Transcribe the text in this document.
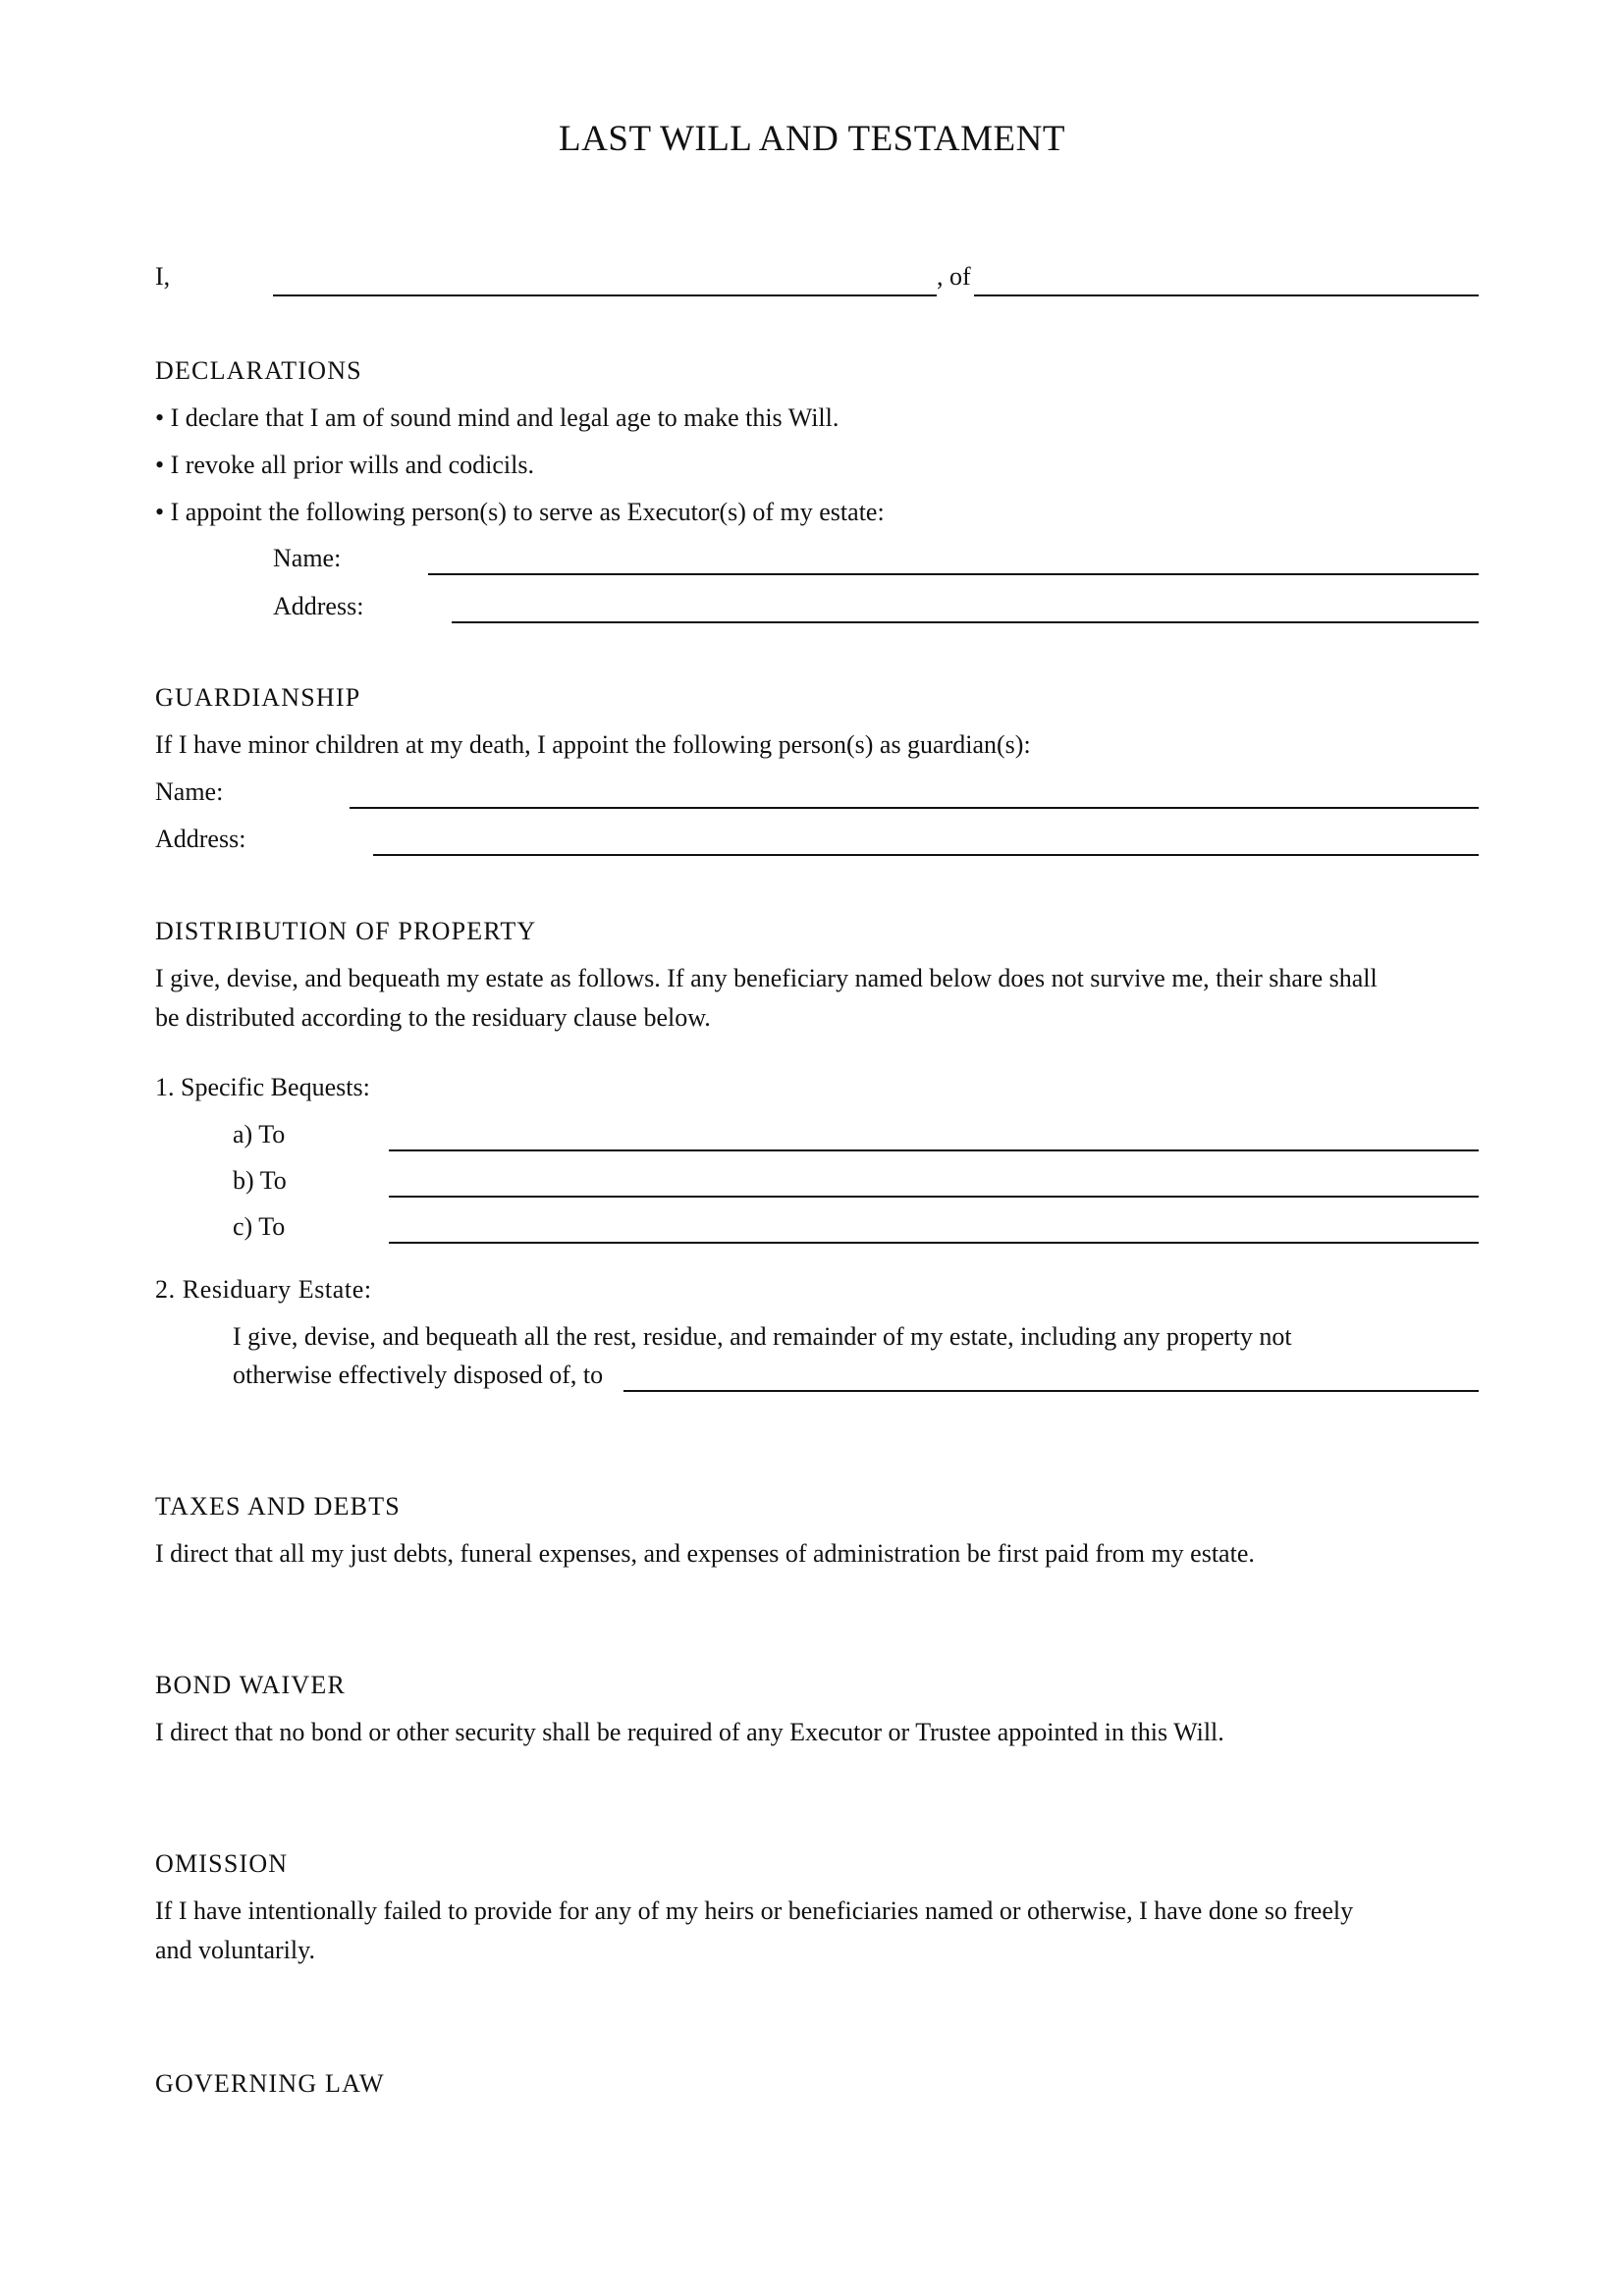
LAST WILL AND TESTAMENT
I,	, of
DECLARATIONS
• I declare that I am of sound mind and legal age to make this Will.
• I revoke all prior wills and codicils.
• I appoint the following person(s) to serve as Executor(s) of my estate:
Name:
Address:
GUARDIANSHIP
If I have minor children at my death, I appoint the following person(s) as guardian(s):
Name:
Address:
DISTRIBUTION OF PROPERTY
I give, devise, and bequeath my estate as follows. If any beneficiary named below does not survive me, their share shall
be distributed according to the residuary clause below.
1. Specific Bequests:
a) To
b) To
c) To
2. Residuary Estate:
I give, devise, and bequeath all the rest, residue, and remainder of my estate, including any property not
otherwise effectively disposed of, to
TAXES AND DEBTS
I direct that all my just debts, funeral expenses, and expenses of administration be first paid from my estate.
BOND WAIVER
I direct that no bond or other security shall be required of any Executor or Trustee appointed in this Will.
OMISSION
If I have intentionally failed to provide for any of my heirs or beneficiaries named or otherwise, I have done so freely
and voluntarily.
GOVERNING LAW
